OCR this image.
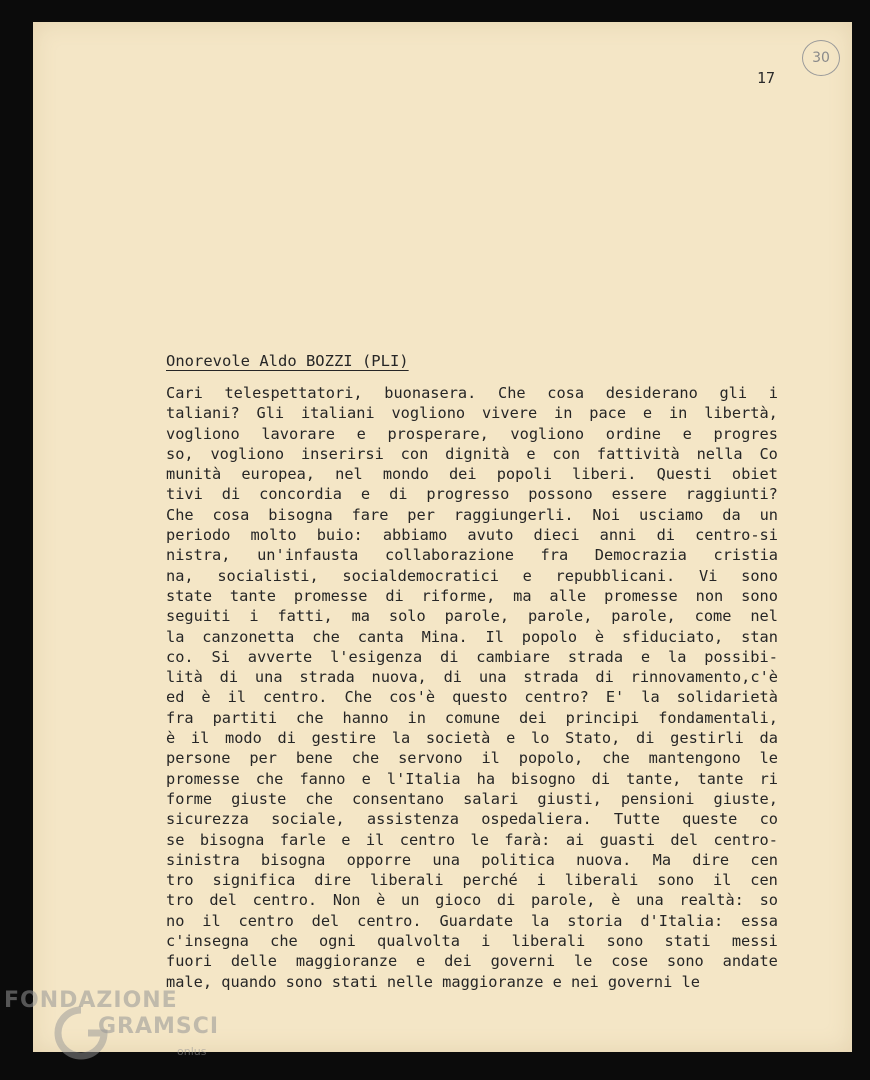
30
17
Onorevole Aldo BOZZI (PLI)
Cari telespettatori, buonasera. Che cosa desiderano gli i
taliani? Gli italiani vogliono vivere in pace e in libertà,
vogliono lavorare e prosperare, vogliono ordine e progres
so, vogliono inserirsi con dignità e con fattività nella Co
munità europea, nel mondo dei popoli liberi. Questi obiet
tivi di concordia e di progresso possono essere raggiunti?
Che cosa bisogna fare per raggiungerli. Noi usciamo da un
periodo molto buio: abbiamo avuto dieci anni di centro-si
nistra, un'infausta collaborazione fra Democrazia cristia
na, socialisti, socialdemocratici e repubblicani. Vi sono
state tante promesse di riforme, ma alle promesse non sono
seguiti i fatti, ma solo parole, parole, parole, come nel
la canzonetta che canta Mina. Il popolo è sfiduciato, stan
co. Si avverte l'esigenza di cambiare strada e la possibi-
lità di una strada nuova, di una strada di rinnovamento,c'è
ed è il centro. Che cos'è questo centro? E' la solidarietà
fra partiti che hanno in comune dei principi fondamentali,
è il modo di gestire la società e lo Stato, di gestirli da
persone per bene che servono il popolo, che mantengono le
promesse che fanno e l'Italia ha bisogno di tante, tante ri
forme giuste che consentano salari giusti, pensioni giuste,
sicurezza sociale, assistenza ospedaliera. Tutte queste co
se bisogna farle e il centro le farà: ai guasti del centro-
sinistra bisogna opporre una politica nuova. Ma dire cen
tro significa dire liberali perché i liberali sono il cen
tro del centro. Non è un gioco di parole, è una realtà: so
no il centro del centro. Guardate la storia d'Italia: essa
c'insegna che ogni qualvolta i liberali sono stati messi
fuori delle maggioranze e dei governi le cose sono andate
male, quando sono stati nelle maggioranze e nei governi le
FONDAZIONE
GRAMSCI
onlus
